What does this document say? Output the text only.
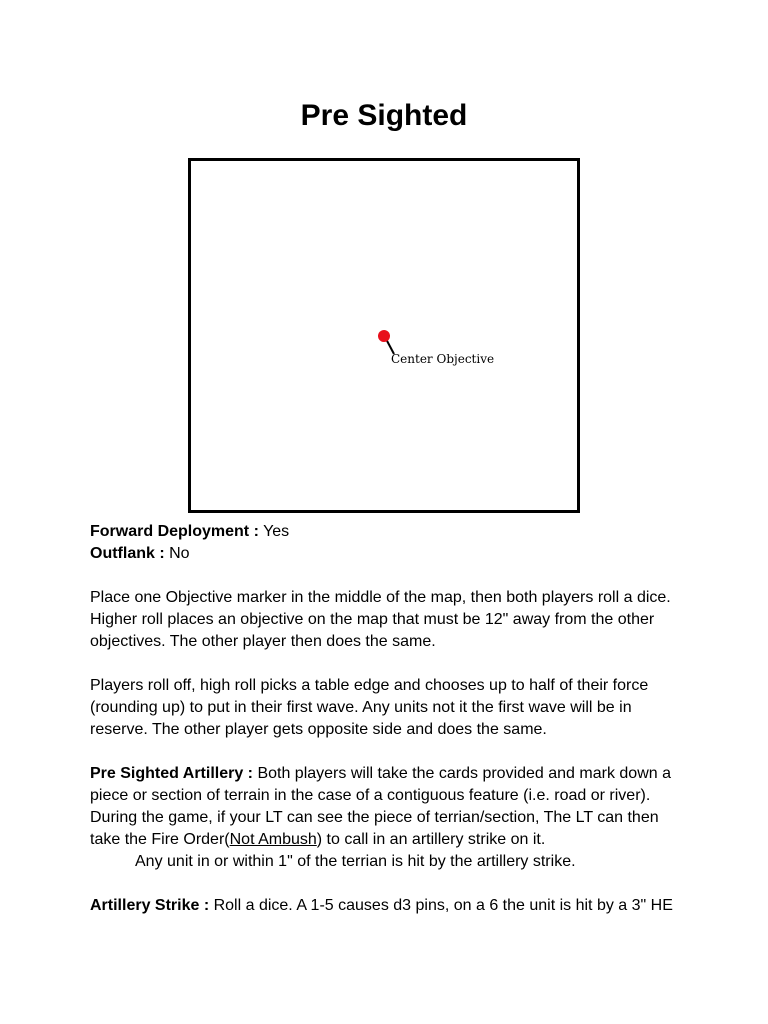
Pre Sighted
Center Objective
Forward Deployment : Yes
Outflank : No
Place one Objective marker in the middle of the map, then both players roll a dice.
Higher roll places an objective on the map that must be 12" away from the other
objectives. The other player then does the same.
Players roll off, high roll picks a table edge and chooses up to half of their force
(rounding up) to put in their first wave. Any units not it the first wave will be in
reserve. The other player gets opposite side and does the same.
Pre Sighted Artillery : Both players will take the cards provided and mark down a
piece or section of terrain in the case of a contiguous feature (i.e. road or river).
During the game, if your LT can see the piece of terrian/section, The LT can then
take the Fire Order(Not Ambush) to call in an artillery strike on it.
Any unit in or within 1" of the terrian is hit by the artillery strike.
Artillery Strike : Roll a dice. A 1-5 causes d3 pins, on a 6 the unit is hit by a 3" HE
